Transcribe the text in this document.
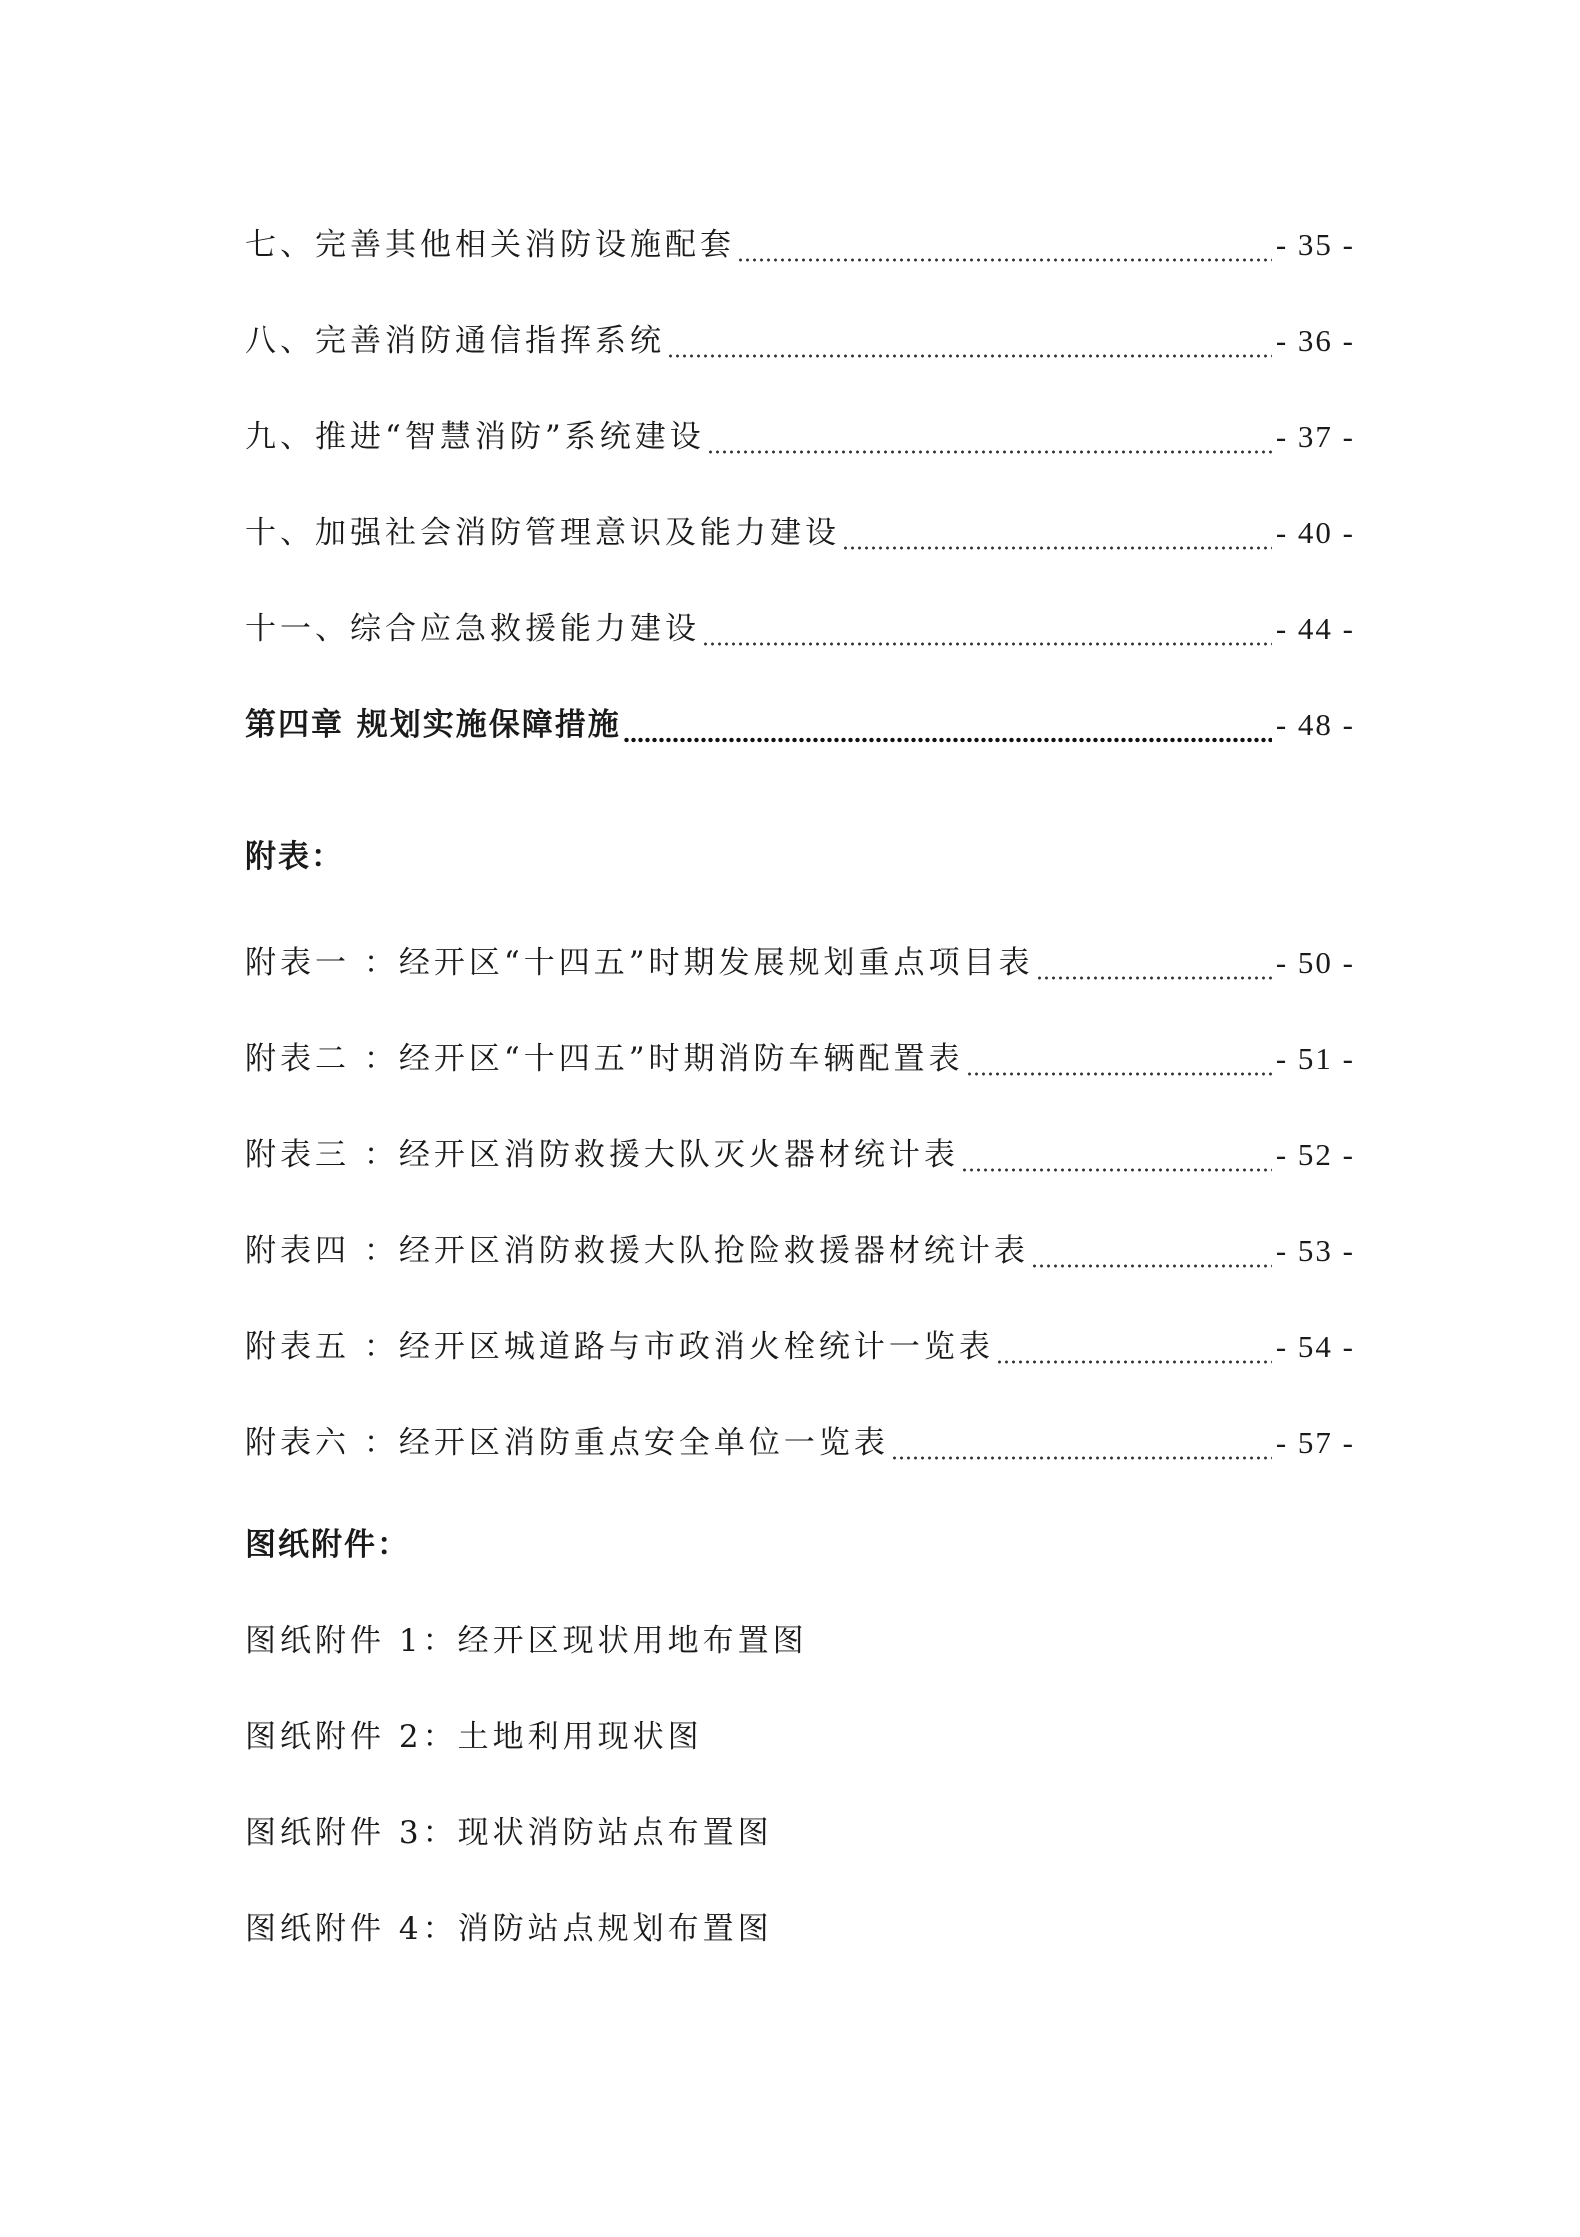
七、完善其他相关消防设施配套	- 35 -
八、完善消防通信指挥系统	- 36 -
九、推进“智慧消防”系统建设	- 37 -
十、加强社会消防管理意识及能力建设	- 40 -
十一、综合应急救援能力建设	- 44 -
第四章 规划实施保障措施	- 48 -
附表：
附表一 ：经开区“十四五”时期发展规划重点项目表	- 50 -
附表二 ：经开区“十四五”时期消防车辆配置表	- 51 -
附表三 ：经开区消防救援大队灭火器材统计表	- 52 -
附表四 ：经开区消防救援大队抢险救援器材统计表	- 53 -
附表五 ：经开区城道路与市政消火栓统计一览表	- 54 -
附表六 ：经开区消防重点安全单位一览表	- 57 -
图纸附件：
图纸附件 1：经开区现状用地布置图
图纸附件 2：土地利用现状图
图纸附件 3：现状消防站点布置图
图纸附件 4：消防站点规划布置图
